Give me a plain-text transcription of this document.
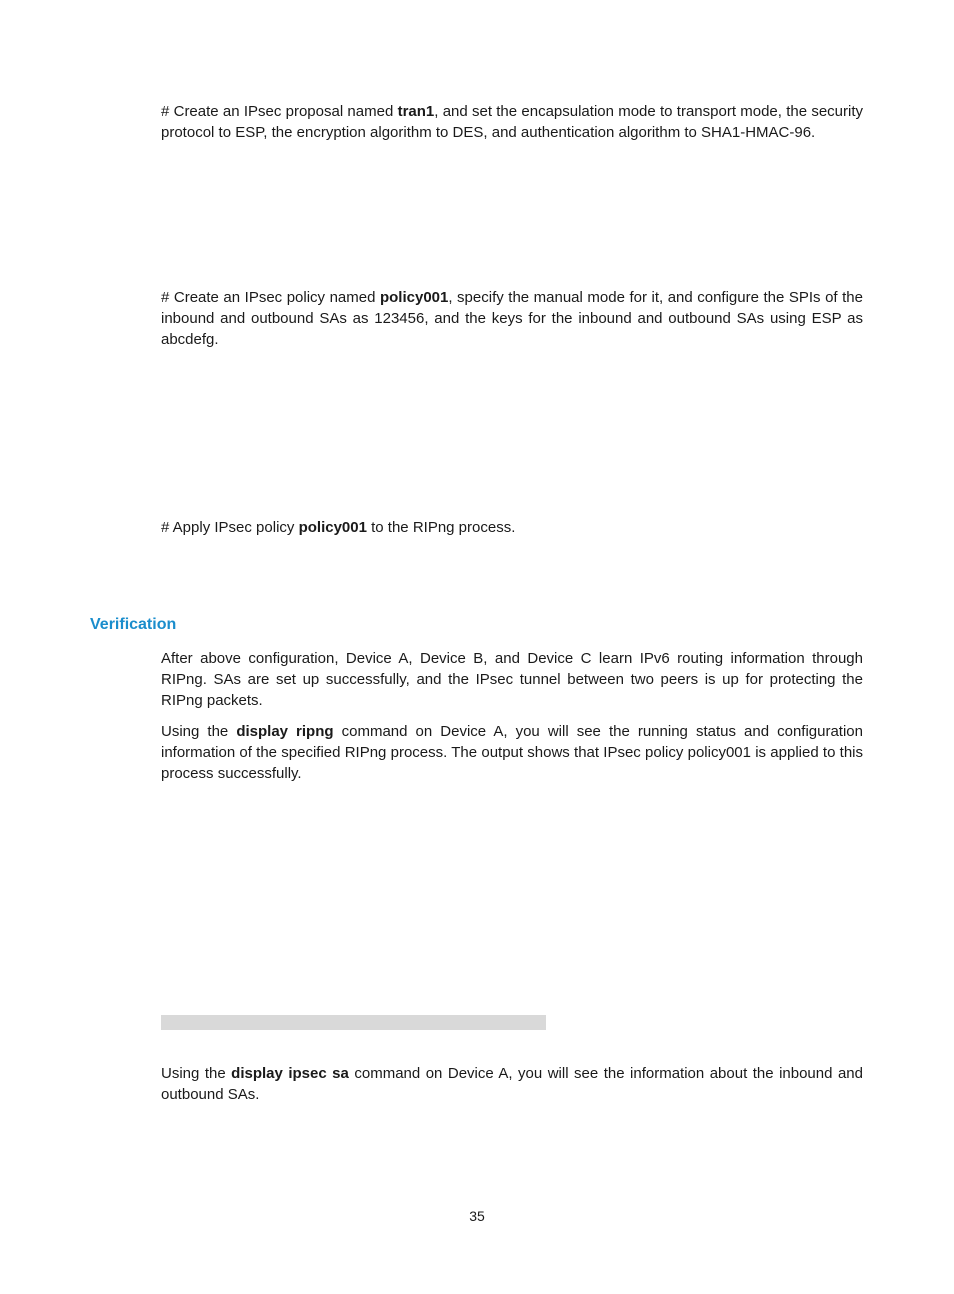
# Create an IPsec proposal named tran1, and set the encapsulation mode to transport mode, the security protocol to ESP, the encryption algorithm to DES, and authentication algorithm to SHA1-HMAC-96.

# Create an IPsec policy named policy001, specify the manual mode for it, and configure the SPIs of the inbound and outbound SAs as 123456, and the keys for the inbound and outbound SAs using ESP as abcdefg.

# Apply IPsec policy policy001 to the RIPng process.

Verification

After above configuration, Device A, Device B, and Device C learn IPv6 routing information through RIPng. SAs are set up successfully, and the IPsec tunnel between two peers is up for protecting the RIPng packets.

Using the display ripng command on Device A, you will see the running status and configuration information of the specified RIPng process. The output shows that IPsec policy policy001 is applied to this process successfully.

Using the display ipsec sa command on Device A, you will see the information about the inbound and outbound SAs.

35
